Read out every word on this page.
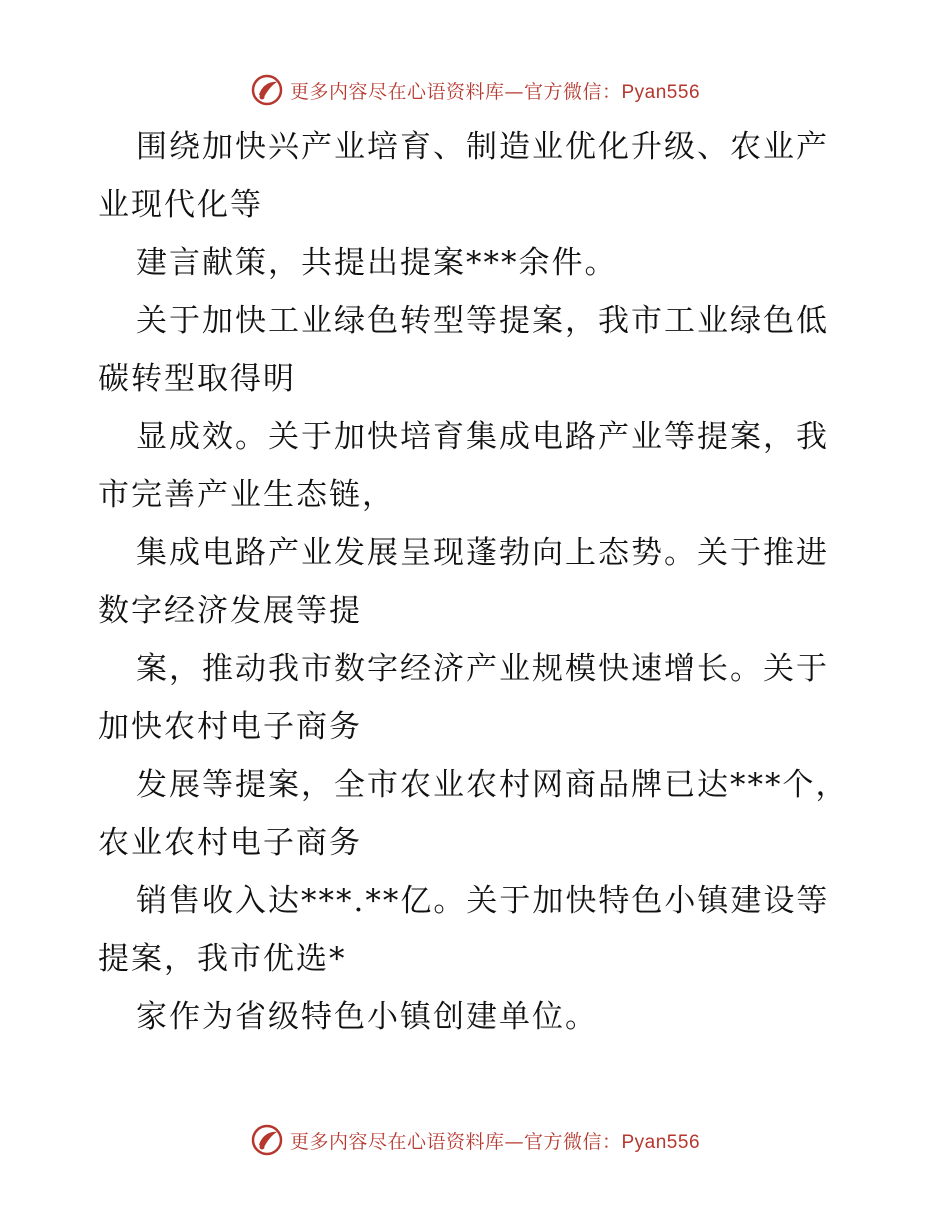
更多内容尽在心语资料库—官方微信：Pyan556

围绕加快兴产业培育、制造业优化升级、农业产业现代化等

建言献策，共提出提案***余件。

关于加快工业绿色转型等提案，我市工业绿色低碳转型取得明

显成效。关于加快培育集成电路产业等提案，我市完善产业生态链，

集成电路产业发展呈现蓬勃向上态势。关于推进数字经济发展等提

案，推动我市数字经济产业规模快速增长。关于加快农村电子商务

发展等提案，全市农业农村网商品牌已达***个，农业农村电子商务

销售收入达***.**亿。关于加快特色小镇建设等提案，我市优选*

家作为省级特色小镇创建单位。

更多内容尽在心语资料库—官方微信：Pyan556
